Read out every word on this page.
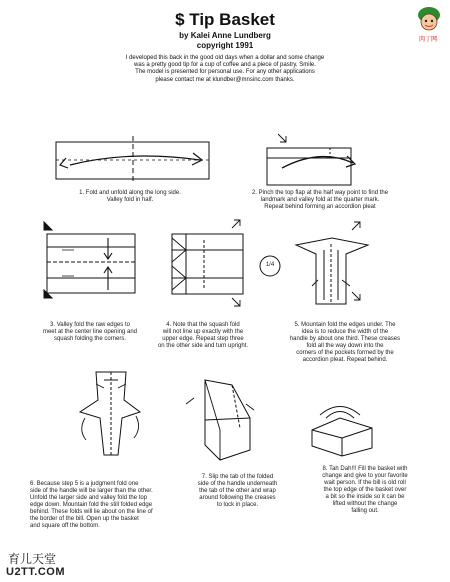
$ Tip Basket
by Kalei Anne Lundberg
copyright 1991
I developed this back in the good old days when a dollar and some change
was a pretty good tip for a cup of coffee and a piece of pastry. Smile.
The model is presented for personal use. For any other applications
please contact me at klundber@mnsinc.com thanks.
肉丁网
1/4
1. Fold and unfold along the long side.
Valley fold in half.
2. Pinch the top flap at the half way point to find the
landmark and valley fold at the quarter mark.
Repeat behind forming an accordion pleat
3. Valley fold the raw edges to
meet at the center line opening and
squash folding the corners.
4. Note that the squash fold
will not line up exactly with the
upper edge. Repeat step three
on the other side and turn upright.
5. Mountain fold the edges under. The
idea is to reduce the width of the
handle by about one third. These creases
fold all the way down into the
corners of the pockets formed by the
accordion pleat. Repeat behind.
6. Because step 5 is a judgment fold one
side of the handle will be larger than the other.
Unfold the larger side and valley fold the top
edge down. Mountain fold the still folded edge
behind. These folds will lie about on the line of
the border of the bill. Open up the basket
and square off the bottom.
7. Slip the tab of the folded
side of the handle underneath
the tab of the other and wrap
around following the creases
to lock in place.
8. Tah Dah!!! Fill the basket with
change and give to your favorite
wait person. If the bill is old roll
the top edge of the basket over
a bit so the inside so it can be
lifted without the change
falling out.
育儿天堂
U2TT.COM
